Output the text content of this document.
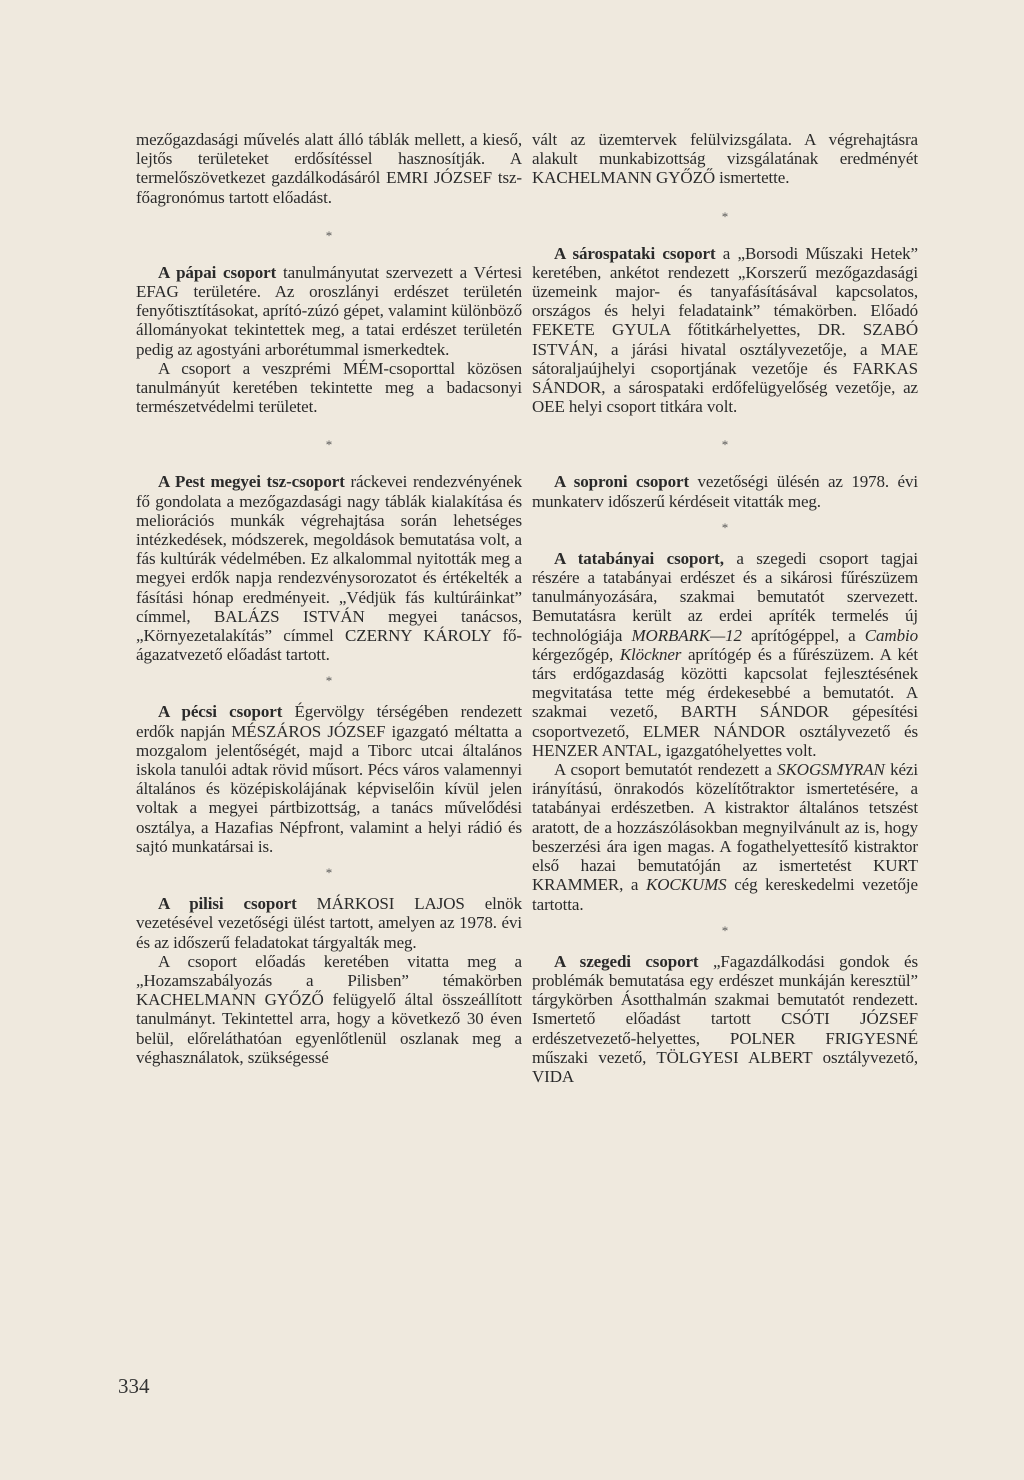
mezőgazdasági művelés alatt álló táblák mellett, a kieső, lejtős területeket erdősítéssel hasznosítják. A termelőszövetkezet gazdálkodásáról EMRI JÓZSEF tsz-főagronómus tartott előadást.

*

A pápai csoport tanulmányutat szervezett a Vértesi EFAG területére. Az oroszlányi erdészet területén fenyőtisztításokat, aprító-zúzó gépet, valamint különböző állományokat tekintettek meg, a tatai erdészet területén pedig az agostyáni arborétummal ismerkedtek.

A csoport a veszprémi MÉM-csoporttal közösen tanulmányút keretében tekintette meg a badacsonyi természetvédelmi területet.

*

A Pest megyei tsz-csoport ráckevei rendezvényének fő gondolata a mezőgazdasági nagy táblák kialakítása és meliorációs munkák végrehajtása során lehetséges intézkedések, módszerek, megoldások bemutatása volt, a fás kultúrák védelmében. Ez alkalommal nyitották meg a megyei erdők napja rendezvénysorozatot és értékelték a fásítási hónap eredményeit. „Védjük fás kultúráinkat” címmel, BALÁZS ISTVÁN megyei tanácsos, „Környezetalakítás” címmel CZERNY KÁROLY fő-ágazatvezető előadást tartott.

*

A pécsi csoport Égervölgy térségében rendezett erdők napján MÉSZÁROS JÓZSEF igazgató méltatta a mozgalom jelentőségét, majd a Tiborc utcai általános iskola tanulói adtak rövid műsort. Pécs város valamennyi általános és középiskolájának képviselőin kívül jelen voltak a megyei pártbizottság, a tanács művelődési osztálya, a Hazafias Népfront, valamint a helyi rádió és sajtó munkatársai is.

*

A pilisi csoport MÁRKOSI LAJOS elnök vezetésével vezetőségi ülést tartott, amelyen az 1978. évi és az időszerű feladatokat tárgyalták meg.

A csoport előadás keretében vitatta meg a „Hozamszabályozás a Pilisben” témakörben KACHELMANN GYŐZŐ felügyelő által összeállított tanulmányt. Tekintettel arra, hogy a következő 30 éven belül, előreláthatóan egyenlőtlenül oszlanak meg a véghasználatok, szükségessé

vált az üzemtervek felülvizsgálata. A végrehajtásra alakult munkabizottság vizsgálatának eredményét KACHELMANN GYŐZŐ ismertette.

*

A sárospataki csoport a „Borsodi Műszaki Hetek” keretében, ankétot rendezett „Korszerű mezőgazdasági üzemeink major- és tanyafásításával kapcsolatos, országos és helyi feladataink” témakörben. Előadó FEKETE GYULA főtitkárhelyettes, DR. SZABÓ ISTVÁN, a járási hivatal osztályvezetője, a MAE sátoraljaújhelyi csoportjának vezetője és FARKAS SÁNDOR, a sárospataki erdőfelügyelőség vezetője, az OEE helyi csoport titkára volt.

*

A soproni csoport vezetőségi ülésén az 1978. évi munkaterv időszerű kérdéseit vitatták meg.

*

A tatabányai csoport, a szegedi csoport tagjai részére a tatabányai erdészet és a sikárosi fűrészüzem tanulmányozására, szakmai bemutatót szervezett. Bemutatásra került az erdei apríték termelés új technológiája MORBARK—12 aprítógéppel, a Cambio kérgezőgép, Klöckner aprítógép és a fűrészüzem. A két társ erdőgazdaság közötti kapcsolat fejlesztésének megvitatása tette még érdekesebbé a bemutatót. A szakmai vezető, BARTH SÁNDOR gépesítési csoportvezető, ELMER NÁNDOR osztályvezető és HENZER ANTAL, igazgatóhelyettes volt.

A csoport bemutatót rendezett a SKOGSMYRAN kézi irányítású, önrakodós közelítőtraktor ismertetésére, a tatabányai erdészetben. A kistraktor általános tetszést aratott, de a hozzászólásokban megnyilvánult az is, hogy beszerzési ára igen magas. A fogathelyettesítő kistraktor első hazai bemutatóján az ismertetést KURT KRAMMER, a KOCKUMS cég kereskedelmi vezetője tartotta.

*

A szegedi csoport „Fagazdálkodási gondok és problémák bemutatása egy erdészet munkáján keresztül” tárgykörben Ásotthalmán szakmai bemutatót rendezett. Ismertető előadást tartott CSÓTI JÓZSEF erdészetvezető-helyettes, POLNER FRIGYESNÉ műszaki vezető, TÖLGYESI ALBERT osztályvezető, VIDA

334
